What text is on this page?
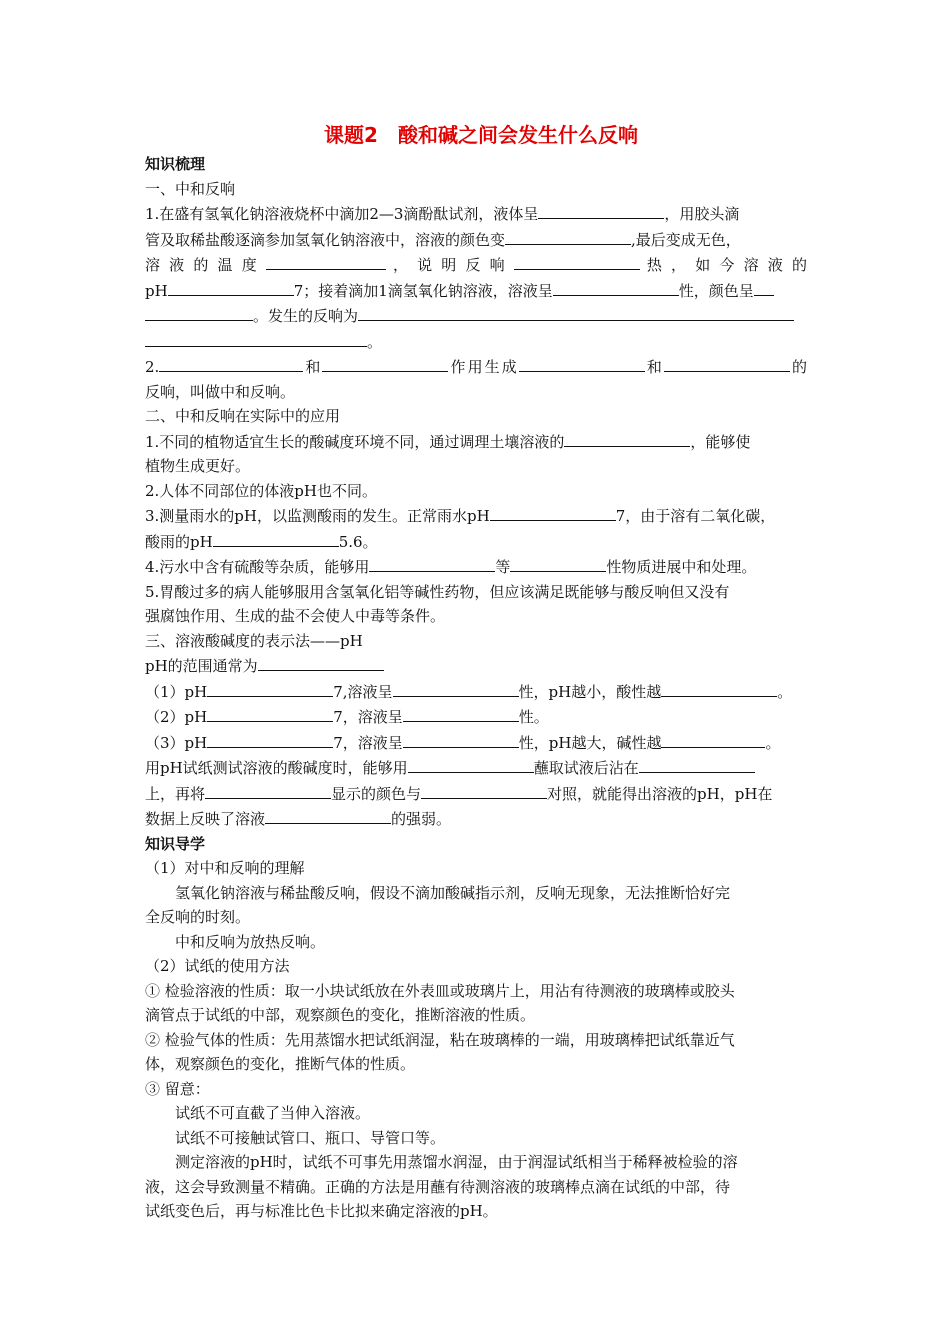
课题2　酸和碱之间会发生什么反响
知识梳理
一、中和反响
1.在盛有氢氧化钠溶液烧杯中滴加2—3滴酚酞试剂，液体呈	，用胶头滴
管及取稀盐酸逐滴参加氢氧化钠溶液中，溶液的颜色变	,最后变成无色，
溶 液 的 温 度	， 说 明 反 响	热 ， 如 今 溶 液 的
pH	7；接着滴加1滴氢氧化钠溶液，溶液呈	性，颜色呈
。发生的反响为
。
2.	和	作用生成	和	的
反响，叫做中和反响。
二、中和反响在实际中的应用
1.不同的植物适宜生长的酸碱度环境不同，通过调理土壤溶液的	，能够使
植物生成更好。
2.人体不同部位的体液pH也不同。
3.测量雨水的pH，以监测酸雨的发生。正常雨水pH	7，由于溶有二氧化碳，
酸雨的pH	5.6。
4.污水中含有硫酸等杂质，能够用	等	性物质进展中和处理。
5.胃酸过多的病人能够服用含氢氧化铝等碱性药物，但应该满足既能够与酸反响但又没有
强腐蚀作用、生成的盐不会使人中毒等条件。
三、溶液酸碱度的表示法——pH
pH的范围通常为
（1）pH	7,溶液呈	性，pH越小，酸性越	。
（2）pH	7，溶液呈	性。
（3）pH	7，溶液呈	性，pH越大，碱性越	。
用pH试纸测试溶液的酸碱度时，能够用	蘸取试液后沾在
上，再将	显示的颜色与	对照，就能得出溶液的pH，pH在
数据上反映了溶液	的强弱。
知识导学
（1）对中和反响的理解
氢氧化钠溶液与稀盐酸反响，假设不滴加酸碱指示剂，反响无现象，无法推断恰好完
全反响的时刻。
中和反响为放热反响。
（2）试纸的使用方法
① 检验溶液的性质：取一小块试纸放在外表皿或玻璃片上，用沾有待测液的玻璃棒或胶头
滴管点于试纸的中部，观察颜色的变化，推断溶液的性质。
② 检验气体的性质：先用蒸馏水把试纸润湿，粘在玻璃棒的一端，用玻璃棒把试纸靠近气
体，观察颜色的变化，推断气体的性质。
③ 留意：
试纸不可直截了当伸入溶液。
试纸不可接触试管口、瓶口、导管口等。
测定溶液的pH时，试纸不可事先用蒸馏水润湿，由于润湿试纸相当于稀释被检验的溶
液，这会导致测量不精确。正确的方法是用蘸有待测溶液的玻璃棒点滴在试纸的中部，待
试纸变色后，再与标准比色卡比拟来确定溶液的pH。
